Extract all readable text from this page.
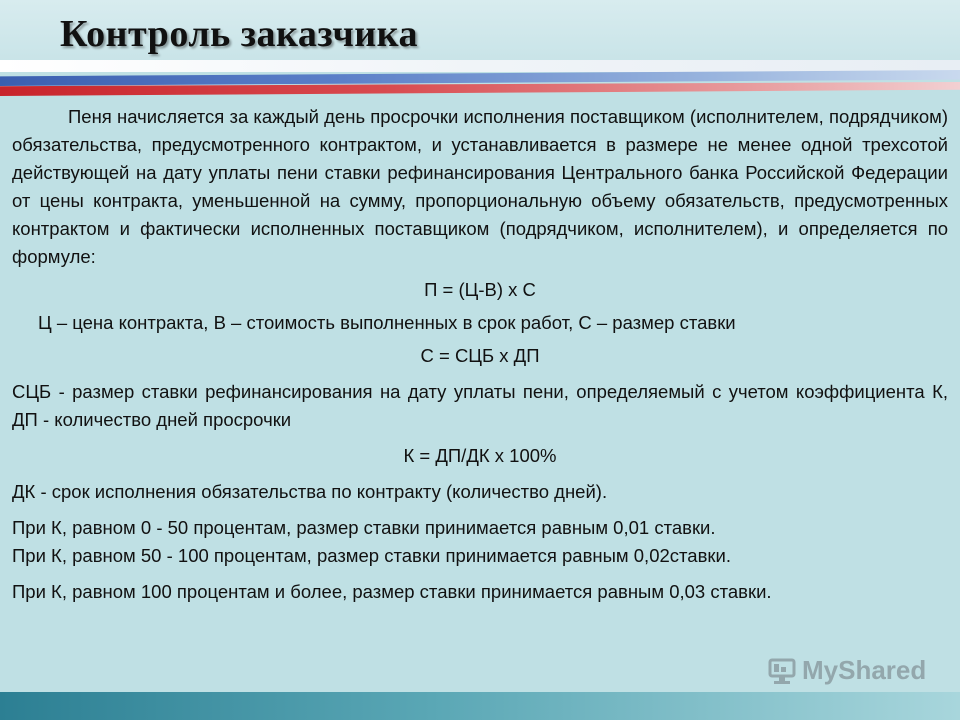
Контроль заказчика

Пеня начисляется за каждый день просрочки исполнения поставщиком (исполнителем, подрядчиком) обязательства, предусмотренного контрактом, и устанавливается в размере не менее одной трехсотой действующей на дату уплаты пени ставки рефинансирования Центрального банка Российской Федерации от цены контракта, уменьшенной на сумму, пропорциональную объему обязательств, предусмотренных контрактом и фактически исполненных поставщиком (подрядчиком, исполнителем), и определяется по формуле:

П = (Ц-В) х С

Ц – цена контракта, В – стоимость выполненных в срок работ, С – размер ставки

С = СЦБ х ДП

СЦБ - размер ставки рефинансирования на дату уплаты пени, определяемый с учетом коэффициента К, ДП - количество дней просрочки

К = ДП/ДК х 100%

ДК - срок исполнения обязательства по контракту (количество дней).

При К, равном 0 - 50 процентам, размер ставки принимается равным 0,01 ставки.

При К, равном 50 - 100 процентам, размер ставки принимается равным 0,02ставки.

При К, равном 100 процентам и более, размер ставки принимается равным 0,03 ставки.

MyShared
